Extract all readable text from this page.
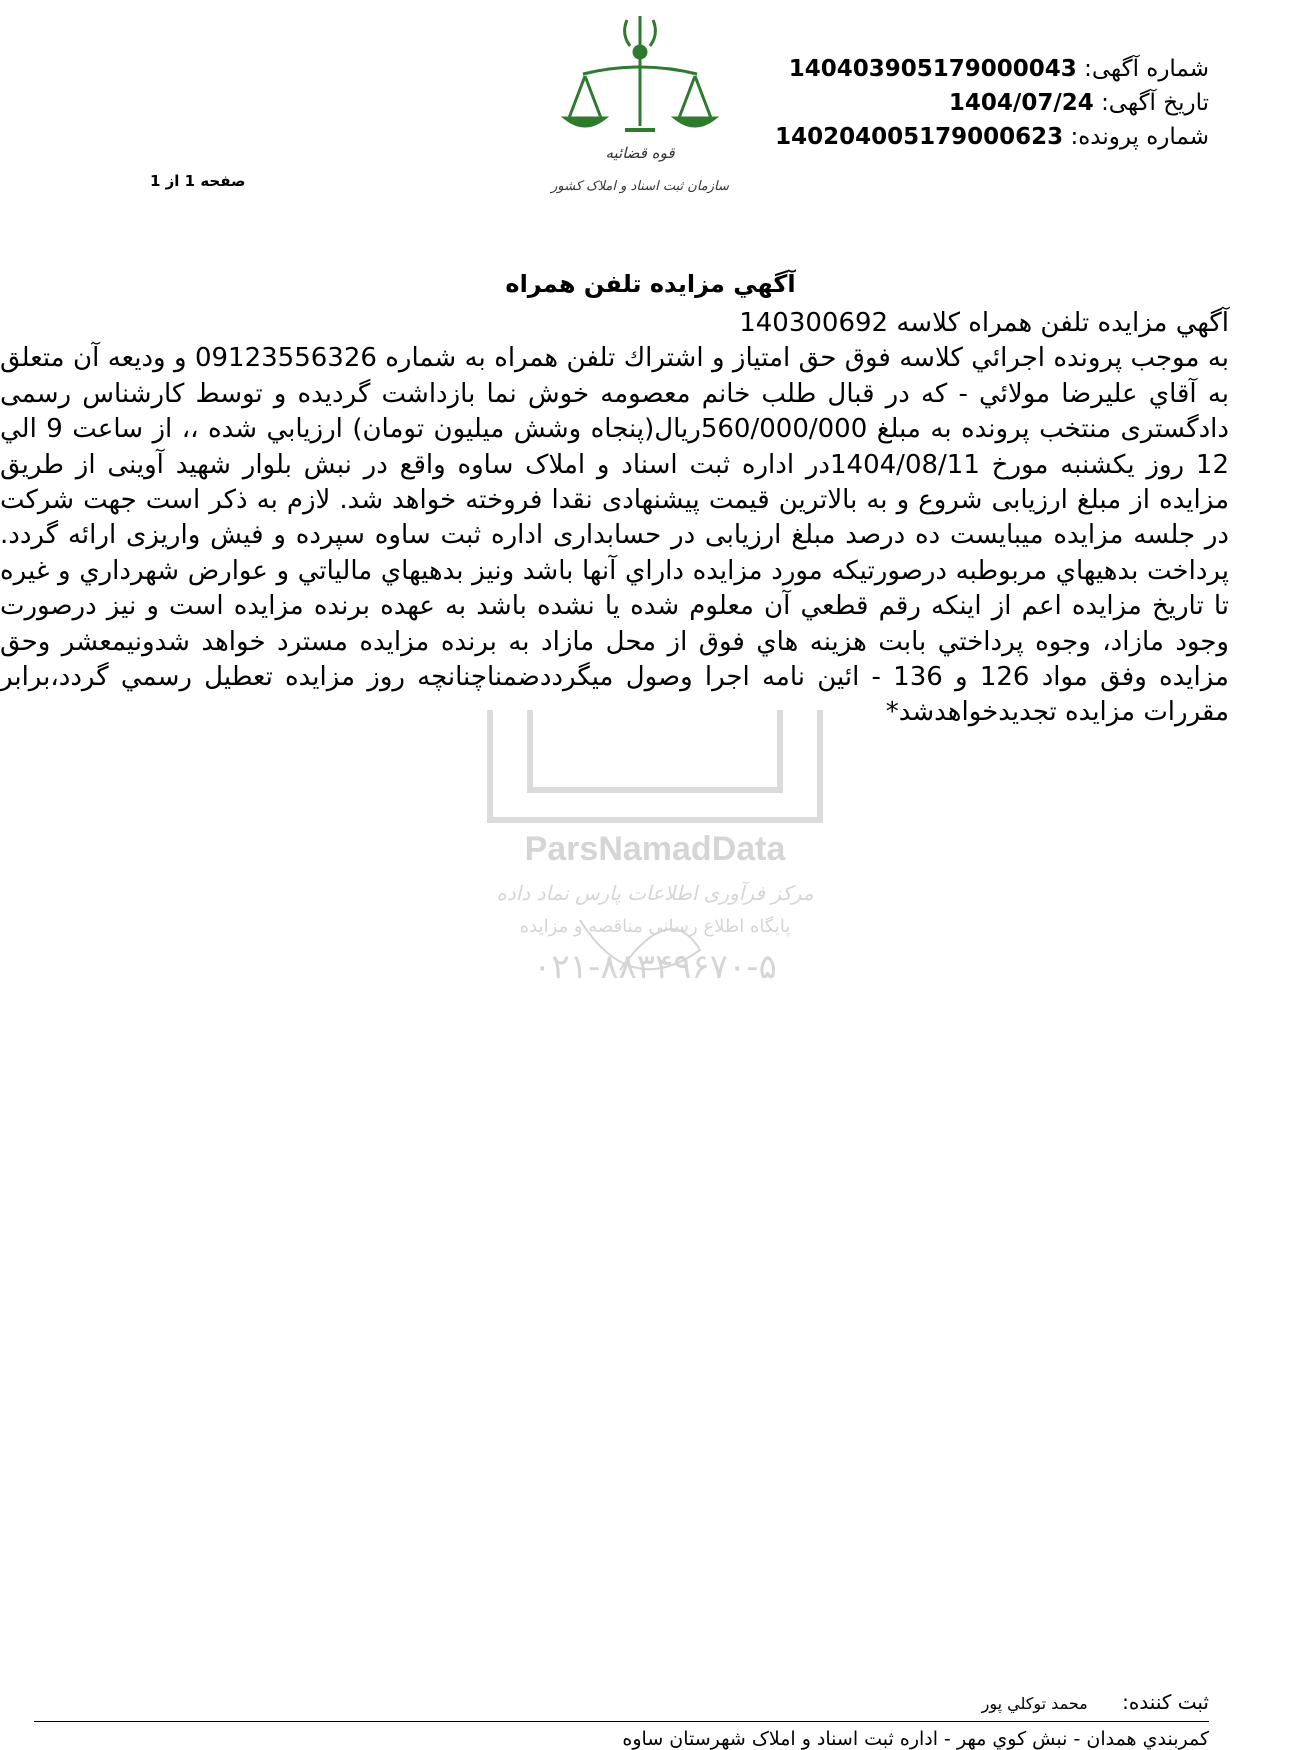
قوه قضائیه
سازمان ثبت اسناد و املاک کشور
شماره آگهی: 140403905179000043
تاریخ آگهی: 1404/07/24
شماره پرونده: 140204005179000623
صفحه 1 از 1
ParsNamadData
مرکز فرآوری اطلاعات پارس نماد داده
پایگاه اطلاع رسانی مناقصه و مزایده
۰۲۱-۸۸۳۴۹۶۷۰-۵
آگهي مزايده تلفن همراه

آگهي مزايده تلفن همراه كلاسه 140300692

به موجب پرونده اجرائي كلاسه فوق حق امتياز و اشتراك تلفن همراه به شماره 09123556326 و وديعه آن متعلق به آقاي عليرضا مولائي - كه در قبال طلب خانم معصومه خوش نما بازداشت گرديده و توسط كارشناس رسمی دادگستری منتخب پرونده به مبلغ 560/000/000ریال(پنجاه وشش میلیون تومان) ارزیابي شده ،، از ساعت 9 الي 12 روز يكشنبه مورخ 1404/08/11در اداره ثبت اسناد و املاک ساوه واقع در نبش بلوار شهید آوینی از طریق مزایده از مبلغ ارزیابی شروع و به بالاترین قیمت پیشنهادی نقدا فروخته خواهد شد. لازم به ذکر است جهت شرکت در جلسه مزایده میبایست ده درصد مبلغ ارزیابی در حسابداری اداره ثبت ساوه سپرده و فیش واریزی ارائه گردد. پرداخت بدهيهاي مربوطبه درصورتيكه مورد مزايده داراي آنها باشد ونيز بدهيهاي مالياتي و عوارض شهرداري و غيره تا تاريخ مزايده اعم از اينكه رقم قطعي آن معلوم شده يا نشده باشد به عهده برنده مزايده است و نيز درصورت وجود مازاد، وجوه پرداختي بابت هزينه هاي فوق از محل مازاد به برنده مزايده مسترد خواهد شدونيمعشر وحق مزايده وفق مواد 126 و 136 - ائين نامه اجرا وصول ميگرددضمناچنانچه روز مزايده تعطيل رسمي گردد،برابر مقررات مزايده تجديدخواهدشد*

ثبت كننده: محمد توكلي پور
كمربندي همدان - نبش كوي مهر - اداره ثبت اسناد و املاک شهرستان ساوه
